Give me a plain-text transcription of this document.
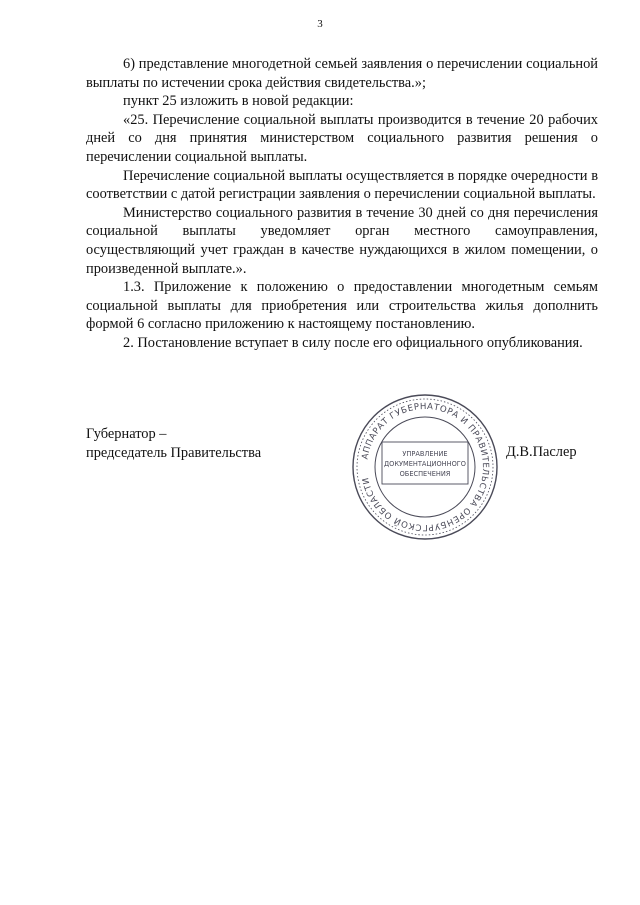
3

6) представление многодетной семьей заявления о перечислении социальной выплаты по истечении срока действия свидетельства.»;

пункт 25 изложить в новой редакции:

«25. Перечисление социальной выплаты производится в течение 20 рабочих дней со дня принятия министерством социального развития решения о перечислении социальной выплаты.

Перечисление социальной выплаты осуществляется в порядке очередности в соответствии с датой регистрации заявления о перечислении социальной выплаты.

Министерство социального развития в течение 30 дней со дня перечисления социальной выплаты уведомляет орган местного самоуправления, осуществляющий учет граждан в качестве нуждающихся в жилом помещении, о произведенной выплате.».

1.3. Приложение к положению о предоставлении многодетным семьям социальной выплаты для приобретения или строительства жилья дополнить формой 6 согласно приложению к настоящему постановлению.

2. Постановление вступает в силу после его официального опубликования.

Губернатор –
председатель Правительства	АППАРАТ ГУБЕРНАТОРА И ПРАВИТЕЛЬСТВА ОРЕНБУРГСКОЙ ОБЛАСТИ
УПРАВЛЕНИЕ
ДОКУМЕНТАЦИОННОГО
ОБЕСПЕЧЕНИЯ
Д.В.Паслер
